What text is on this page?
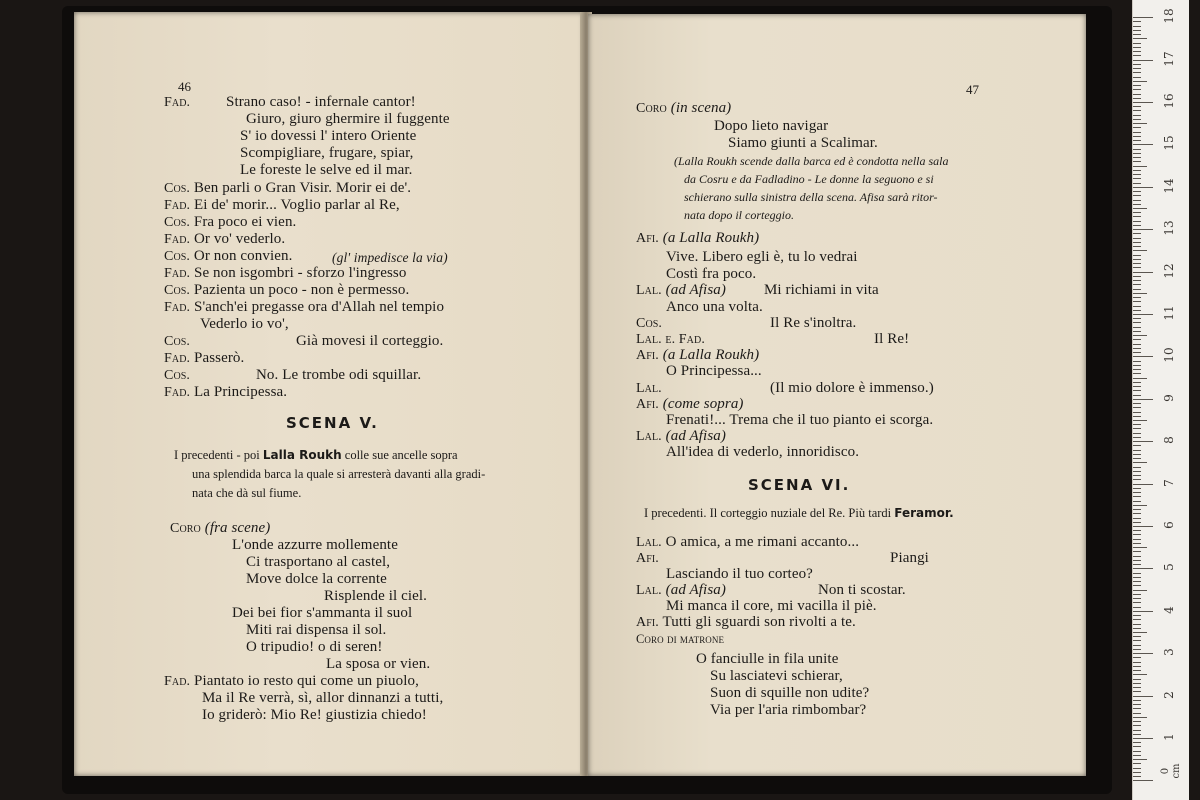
46
Fad. Strano caso! - infernale cantor!
Giuro, giuro ghermire il fuggente
S' io dovessi l' intero Oriente
Scompigliare, frugare, spiar,
Le foreste le selve ed il mar.
Cos. Ben parli o Gran Visir. Morir ei de'.
Fad. Ei de' morir... Voglio parlar al Re,
Cos. Fra poco ei vien.
Fad. Or vo' vederlo.
Cos. Or non convien.	(gl' impedisce la via)
Fad. Se non isgombri - sforzo l'ingresso
Cos. Pazienta un poco - non è permesso.
Fad. S'anch'ei pregasse ora d'Allah nel tempio
Vederlo io vo',
Cos.	Già movesi il corteggio.
Fad. Passerò.
Cos.	No. Le trombe odi squillar.
Fad. La Principessa.
SCENA V.
I precedenti - poi Lalla Roukh colle sue ancelle sopra
una splendida barca la quale si arresterà davanti alla gradi-
nata che dà sul fiume.
Coro (fra scene)
L'onde azzurre mollemente
Ci trasportano al castel,
Move dolce la corrente
Risplende il ciel.
Dei bei fior s'ammanta il suol
Miti rai dispensa il sol.
O tripudio! o di seren!
La sposa or vien.
Fad. Piantato io resto qui come un piuolo,
Ma il Re verrà, sì, allor dinnanzi a tutti,
Io griderò: Mio Re! giustizia chiedo!
47
Coro (in scena)
Dopo lieto navigar
Siamo giunti a Scalimar.
(Lalla Roukh scende dalla barca ed è condotta nella sala
da Cosru e da Fadladino - Le donne la seguono e si
schierano sulla sinistra della scena. Afisa sarà ritor-
nata dopo il corteggio.
Afi. (a Lalla Roukh)
Vive. Libero egli è, tu lo vedrai
Costì fra poco.
Lal. (ad Afisa)	Mi richiami in vita
Anco una volta.
Cos.	Il Re s'inoltra.
Lal. e. Fad.	Il Re!
Afi. (a Lalla Roukh)
O Principessa...
Lal.	(Il mio dolore è immenso.)
Afi. (come sopra)
Frenati!... Trema che il tuo pianto ei scorga.
Lal. (ad Afisa)
All'idea di vederlo, innoridisco.
SCENA VI.
I precedenti. Il corteggio nuziale del Re. Più tardi Feramor.
Lal. O amica, a me rimani accanto...
Afi.	Piangi
Lasciando il tuo corteo?
Lal. (ad Afisa)	Non ti scostar.
Mi manca il core, mi vacilla il piè.
Afi. Tutti gli sguardi son rivolti a te.
Coro di matrone
O fanciulle in fila unite
Su lasciatevi schierar,
Suon di squille non udite?
Via per l'aria rimbombar?
0 cm
1
2
3
4
5
6
7
8
9
10
11
12
13
14
15
16
17
18
